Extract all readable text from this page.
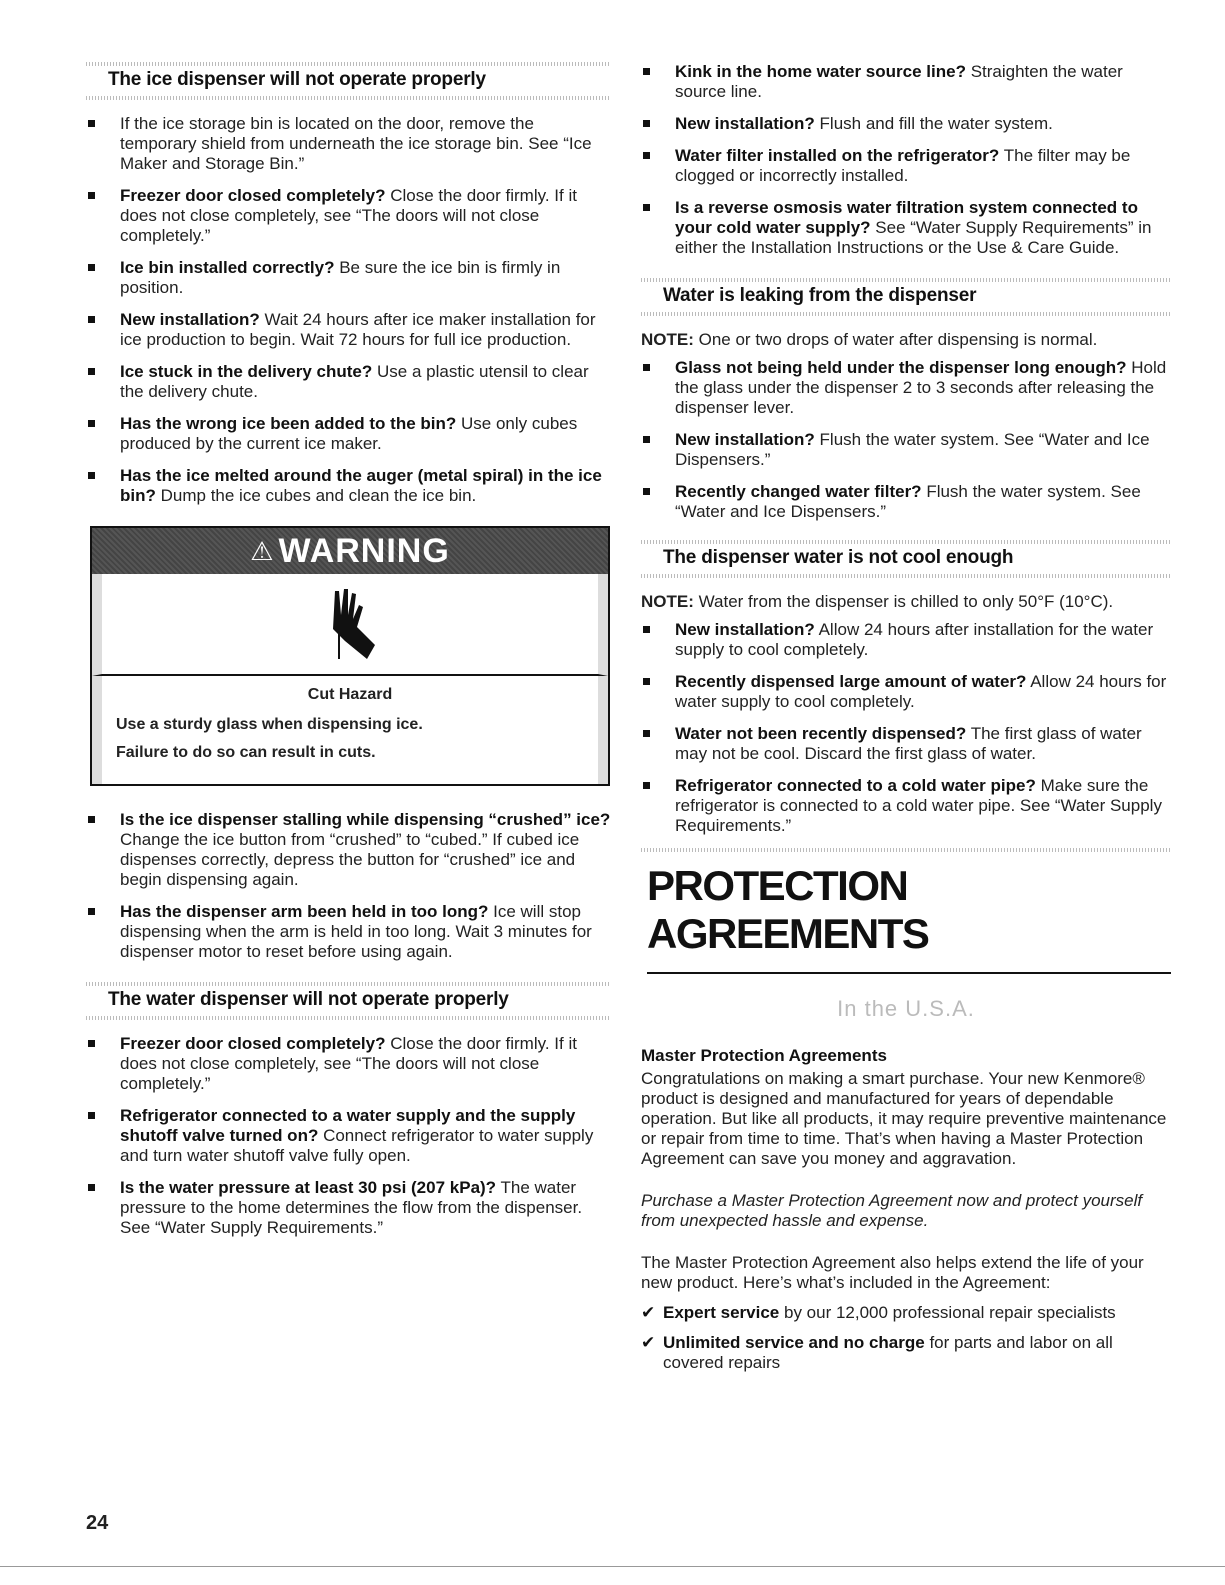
The ice dispenser will not operate properly
If the ice storage bin is located on the door, remove the temporary shield from underneath the ice storage bin. See “Ice Maker and Storage Bin.”
Freezer door closed completely? Close the door firmly. If it does not close completely, see “The doors will not close completely.”
Ice bin installed correctly? Be sure the ice bin is firmly in position.
New installation? Wait 24 hours after ice maker installation for ice production to begin. Wait 72 hours for full ice production.
Ice stuck in the delivery chute? Use a plastic utensil to clear the delivery chute.
Has the wrong ice been added to the bin? Use only cubes produced by the current ice maker.
Has the ice melted around the auger (metal spiral) in the ice bin? Dump the ice cubes and clean the ice bin.
⚠ WARNING
Cut Hazard
Use a sturdy glass when dispensing ice.
Failure to do so can result in cuts.
Is the ice dispenser stalling while dispensing “crushed” ice? Change the ice button from “crushed” to “cubed.” If cubed ice dispenses correctly, depress the button for “crushed” ice and begin dispensing again.
Has the dispenser arm been held in too long? Ice will stop dispensing when the arm is held in too long. Wait 3 minutes for dispenser motor to reset before using again.
The water dispenser will not operate properly
Freezer door closed completely? Close the door firmly. If it does not close completely, see “The doors will not close completely.”
Refrigerator connected to a water supply and the supply shutoff valve turned on? Connect refrigerator to water supply and turn water shutoff valve fully open.
Is the water pressure at least 30 psi (207 kPa)? The water pressure to the home determines the flow from the dispenser. See “Water Supply Requirements.”
Kink in the home water source line? Straighten the water source line.
New installation? Flush and fill the water system.
Water filter installed on the refrigerator? The filter may be clogged or incorrectly installed.
Is a reverse osmosis water filtration system connected to your cold water supply? See “Water Supply Requirements” in either the Installation Instructions or the Use & Care Guide.
Water is leaking from the dispenser

NOTE: One or two drops of water after dispensing is normal.

Glass not being held under the dispenser long enough? Hold the glass under the dispenser 2 to 3 seconds after releasing the dispenser lever.
New installation? Flush the water system. See “Water and Ice Dispensers.”
Recently changed water filter? Flush the water system. See “Water and Ice Dispensers.”
The dispenser water is not cool enough

NOTE: Water from the dispenser is chilled to only 50°F (10°C).

New installation? Allow 24 hours after installation for the water supply to cool completely.
Recently dispensed large amount of water? Allow 24 hours for water supply to cool completely.
Water not been recently dispensed? The first glass of water may not be cool. Discard the first glass of water.
Refrigerator connected to a cold water pipe? Make sure the refrigerator is connected to a cold water pipe. See “Water Supply Requirements.”
PROTECTION AGREEMENTS
In the U.S.A.
Master Protection Agreements

Congratulations on making a smart purchase. Your new Kenmore® product is designed and manufactured for years of dependable operation. But like all products, it may require preventive maintenance or repair from time to time. That’s when having a Master Protection Agreement can save you money and aggravation.

Purchase a Master Protection Agreement now and protect yourself from unexpected hassle and expense.

The Master Protection Agreement also helps extend the life of your new product. Here’s what’s included in the Agreement:

✔ Expert service by our 12,000 professional repair specialists
✔ Unlimited service and no charge for parts and labor on all covered repairs
24
